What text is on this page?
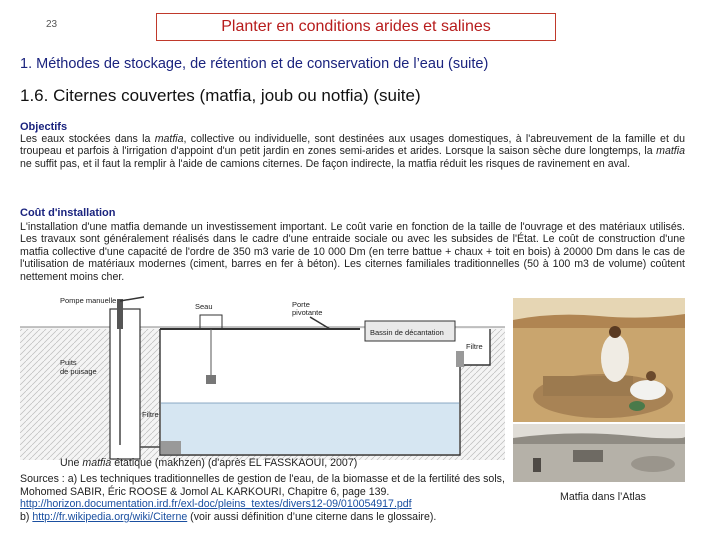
23	Planter en conditions arides et salines
1. Méthodes de stockage, de rétention et de conservation de l’eau (suite)
1.6. Citernes couvertes (matfia, joub ou notfia) (suite)
Objectifs
Les eaux stockées dans la matfia, collective ou individuelle, sont destinées aux usages domestiques, à l'abreuvement de la famille et du troupeau et parfois à l'irrigation d'appoint d'un petit jardin en zones semi-arides et arides. Lorsque la saison sèche dure longtemps, la matfia ne suffit pas, et il faut la remplir à l'aide de camions citernes. De façon indirecte, la matfia réduit les risques de ravinement en aval.
Coût d'installation
L'installation d'une matfia demande un investissement important. Le coût varie en fonction de la taille de l'ouvrage et des matériaux utilisés. Les travaux sont généralement réalisés dans le cadre d'une entraide sociale ou avec les subsides de l'État. Le coût de construction d'une matfia collective d'une capacité de l'ordre de 350 m3 varie de 10 000 Dm (en terre battue + chaux + toit en bois) à 20000 Dm dans le cas de l'utilisation de matériaux modernes (ciment, barres en fer à béton). Les citernes familiales traditionnelles (50 à 100 m3 de volume) coûtent nettement moins cher.
Pompe manuelle
Seau	Porte
pivotante
Bassin de décantation
Filtre
Puits
de puisage
Filtre
Matfia dans l’Atlas
Une matfia étatique (makhzen) (d'après EL FASSKAOUI, 2007)
Sources : a) Les techniques traditionnelles de gestion de l'eau, de la biomasse et de la fertilité des sols, Mohomed SABIR, Éric ROOSE & Jomol AL KARKOURI, Chapitre 6, page 139. http://horizon.documentation.ird.fr/exl-doc/pleins_textes/divers12-09/010054917.pdf
b) http://fr.wikipedia.org/wiki/Citerne (voir aussi définition d’une citerne dans le glossaire).
